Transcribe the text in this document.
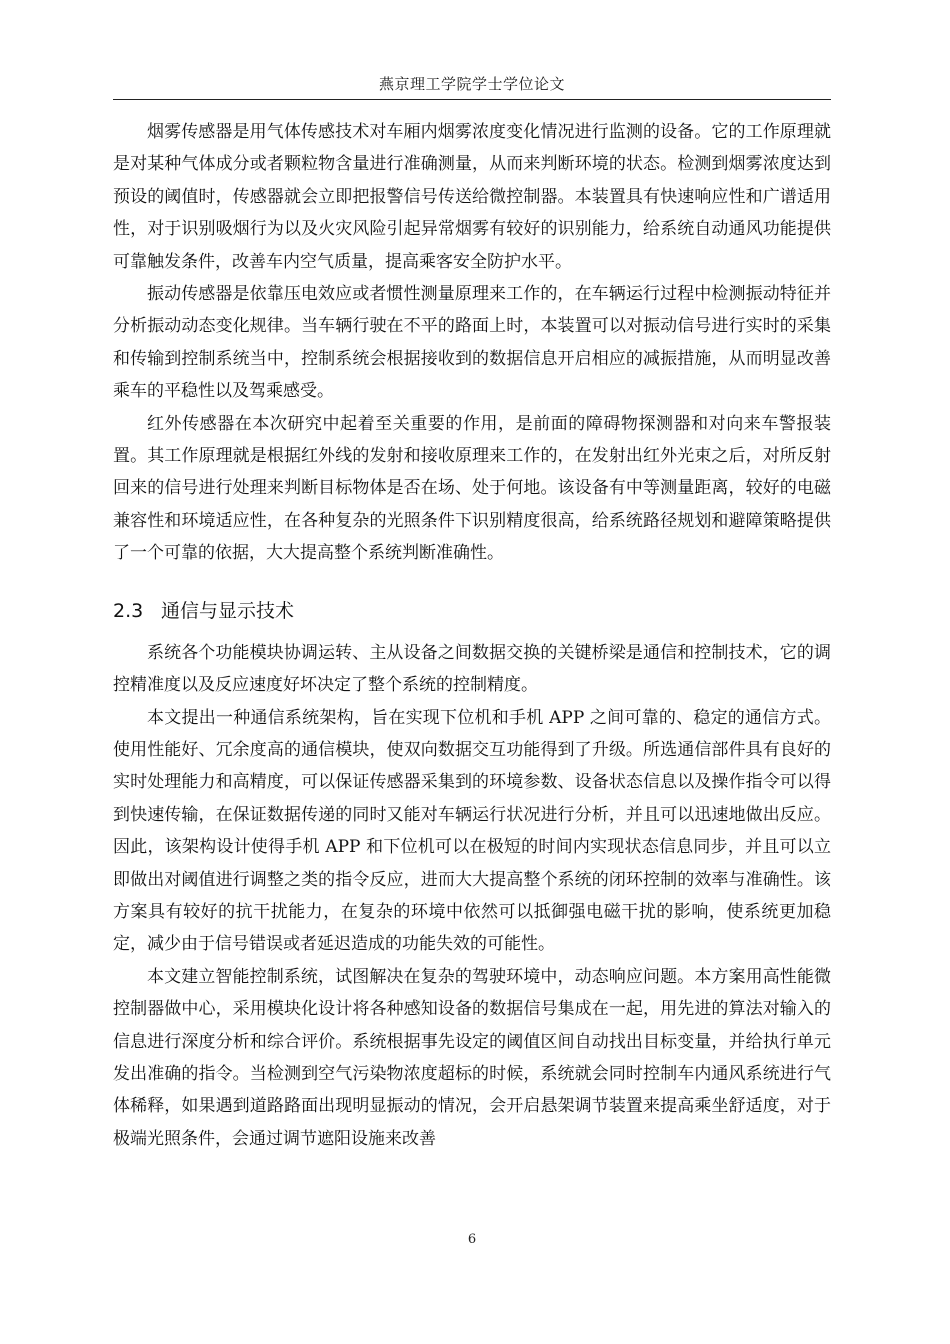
燕京理工学院学士学位论文

烟雾传感器是用气体传感技术对车厢内烟雾浓度变化情况进行监测的设备。它的工作原理就是对某种气体成分或者颗粒物含量进行准确测量，从而来判断环境的状态。检测到烟雾浓度达到预设的阈值时，传感器就会立即把报警信号传送给微控制器。本装置具有快速响应性和广谱适用性，对于识别吸烟行为以及火灾风险引起异常烟雾有较好的识别能力，给系统自动通风功能提供可靠触发条件，改善车内空气质量，提高乘客安全防护水平。

振动传感器是依靠压电效应或者惯性测量原理来工作的，在车辆运行过程中检测振动特征并分析振动动态变化规律。当车辆行驶在不平的路面上时，本装置可以对振动信号进行实时的采集和传输到控制系统当中，控制系统会根据接收到的数据信息开启相应的减振措施，从而明显改善乘车的平稳性以及驾乘感受。

红外传感器在本次研究中起着至关重要的作用，是前面的障碍物探测器和对向来车警报装置。其工作原理就是根据红外线的发射和接收原理来工作的，在发射出红外光束之后，对所反射回来的信号进行处理来判断目标物体是否在场、处于何地。该设备有中等测量距离，较好的电磁兼容性和环境适应性，在各种复杂的光照条件下识别精度很高，给系统路径规划和避障策略提供了一个可靠的依据，大大提高整个系统判断准确性。

2.3 通信与显示技术

系统各个功能模块协调运转、主从设备之间数据交换的关键桥梁是通信和控制技术，它的调控精准度以及反应速度好坏决定了整个系统的控制精度。

本文提出一种通信系统架构，旨在实现下位机和手机 APP 之间可靠的、稳定的通信方式。使用性能好、冗余度高的通信模块，使双向数据交互功能得到了升级。所选通信部件具有良好的实时处理能力和高精度，可以保证传感器采集到的环境参数、设备状态信息以及操作指令可以得到快速传输，在保证数据传递的同时又能对车辆运行状况进行分析，并且可以迅速地做出反应。因此，该架构设计使得手机 APP 和下位机可以在极短的时间内实现状态信息同步，并且可以立即做出对阈值进行调整之类的指令反应，进而大大提高整个系统的闭环控制的效率与准确性。该方案具有较好的抗干扰能力，在复杂的环境中依然可以抵御强电磁干扰的影响，使系统更加稳定，减少由于信号错误或者延迟造成的功能失效的可能性。

本文建立智能控制系统，试图解决在复杂的驾驶环境中，动态响应问题。本方案用高性能微控制器做中心，采用模块化设计将各种感知设备的数据信号集成在一起，用先进的算法对输入的信息进行深度分析和综合评价。系统根据事先设定的阈值区间自动找出目标变量，并给执行单元发出准确的指令。当检测到空气污染物浓度超标的时候，系统就会同时控制车内通风系统进行气体稀释，如果遇到道路路面出现明显振动的情况，会开启悬架调节装置来提高乘坐舒适度，对于极端光照条件，会通过调节遮阳设施来改善

6
